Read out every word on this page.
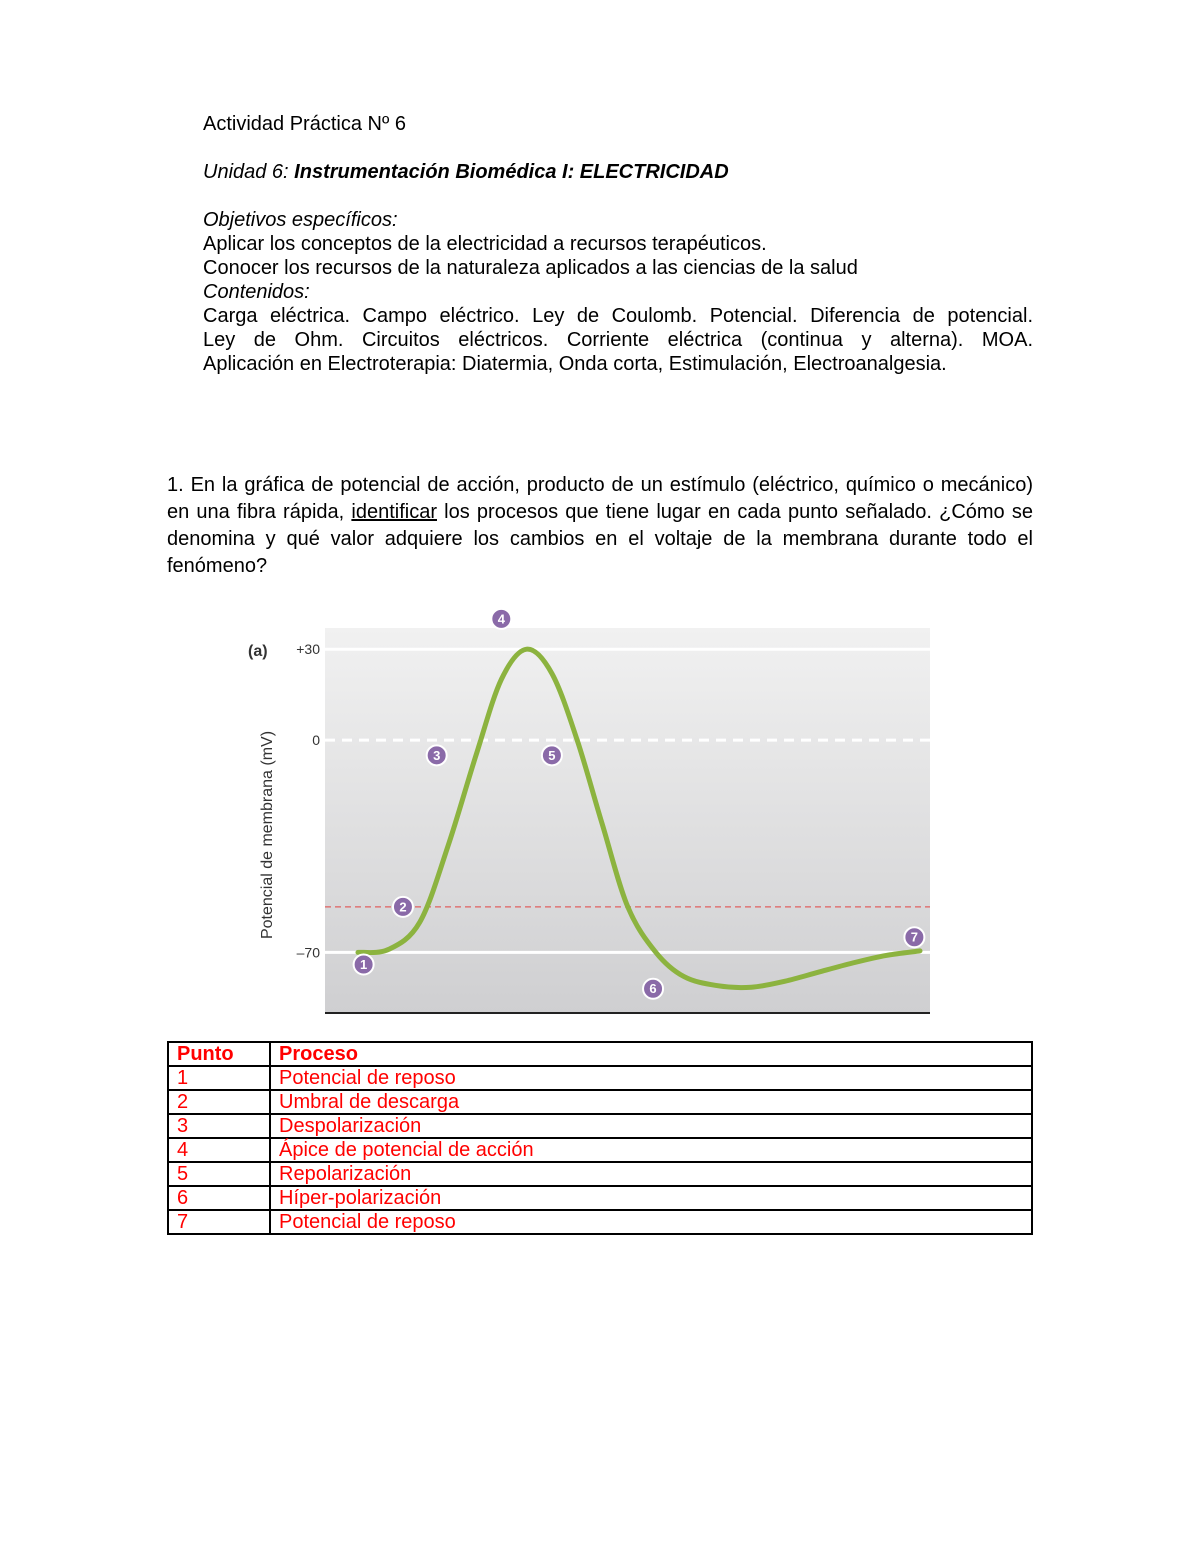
Actividad Práctica Nº 6

Unidad 6: Instrumentación Biomédica I: ELECTRICIDAD

Objetivos específicos:

Aplicar los conceptos de la electricidad a recursos terapéuticos.

Conocer los recursos de la naturaleza aplicados a las ciencias de la salud

Contenidos:

Carga eléctrica. Campo eléctrico. Ley de Coulomb. Potencial. Diferencia de potencial.

Ley de Ohm. Circuitos eléctricos. Corriente eléctrica (continua y alterna). MOA.

Aplicación en Electroterapia: Diatermia, Onda corta, Estimulación, Electroanalgesia.

1. En la gráfica de potencial de acción, producto de un estímulo (eléctrico, químico o mecánico) en una fibra rápida, identificar los procesos que tiene lugar en cada punto señalado. ¿Cómo se denomina y qué valor adquiere los cambios en el voltaje de la membrana durante todo el fenómeno?

+30
0
–70
1
2
3
4
5
6
7
(a)
Potencial de membrana (mV)
Punto	Proceso
1	Potencial de reposo
2	Umbral de descarga
3	Despolarización
4	Ápice de potencial de acción
5	Repolarización
6	Híper-polarización
7	Potencial de reposo
